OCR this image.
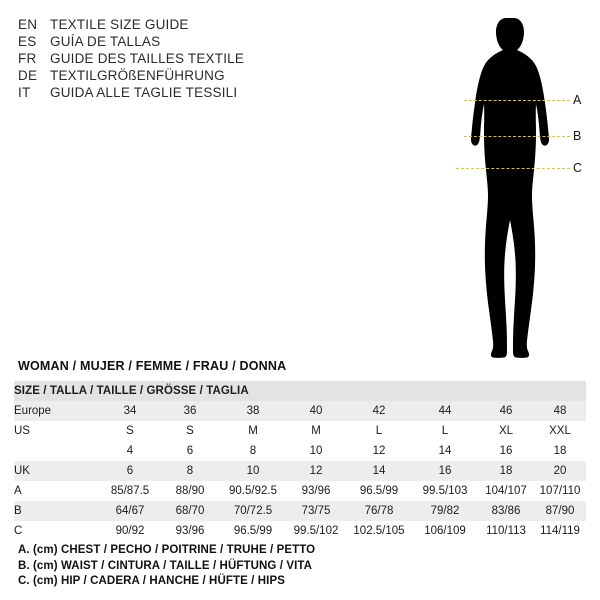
EN TEXTILE SIZE GUIDE
ES	GUÍA DE TALLAS
FR	GUIDE DES TAILLES TEXTILE
DE TEXTILGRÖßENFÜHRUNG
IT	GUIDA ALLE TAGLIE TESSILI	A
B
C
WOMAN / MUJER / FEMME / FRAU / DONNA
SIZE / TALLA / TAILLE / GRÖSSE / TAGLIA								
Europe	34	36	38	40	42	44	46	48
US	S	S	M	M	L	L	XL	XXL
	4	6	8	10	12	14	16	18
UK	6	8	10	12	14	16	18	20
A	85/87.5	88/90	90.5/92.5	93/96	96.5/99	99.5/103	104/107	107/110
B	64/67	68/70	70/72.5	73/75	76/78	79/82	83/86	87/90
C	90/92	93/96	96.5/99	99.5/102	102.5/105	106/109	110/113	114/119
A. (cm) CHEST / PECHO / POITRINE / TRUHE / PETTO
B. (cm) WAIST / CINTURA / TAILLE / HÜFTUNG / VITA
C. (cm) HIP / CADERA / HANCHE / HÜFTE / HIPS
